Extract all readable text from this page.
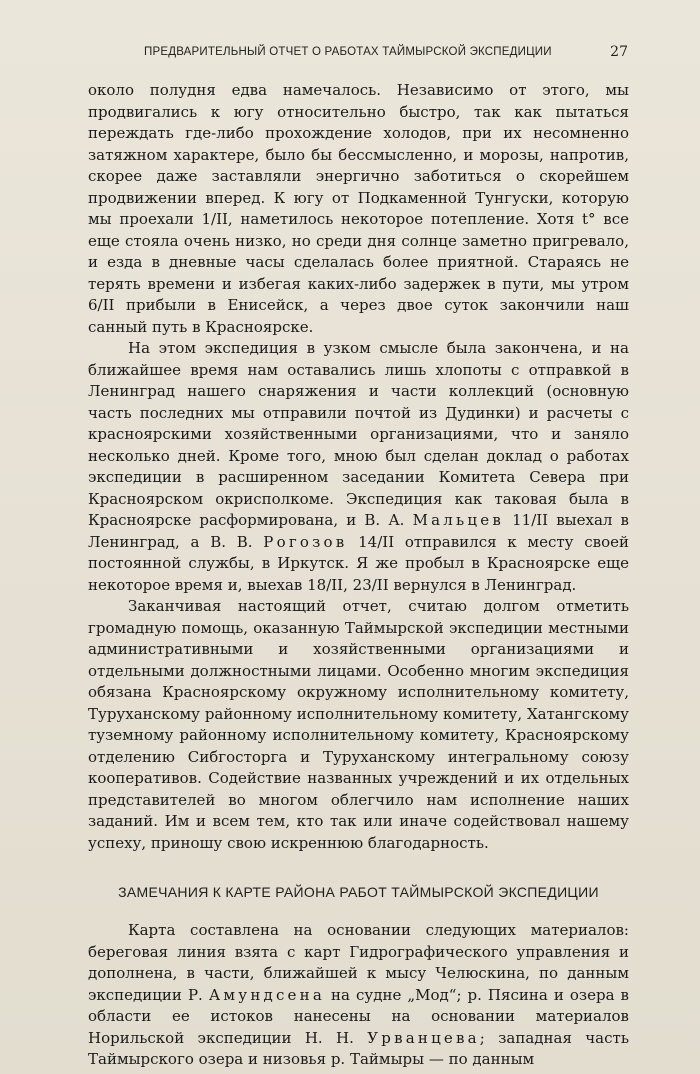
ПРЕДВАРИТЕЛЬНЫЙ ОТЧЕТ О РАБОТАХ ТАЙМЫРСКОЙ ЭКСПЕДИЦИИ	27

около полудня едва намечалось. Независимо от этого, мы продвигались к югу относительно быстро, так как пытаться переждать где-либо прохождение холодов, при их несомненно затяжном характере, было бы бессмысленно, и морозы, напротив, скорее даже заставляли энергично заботиться о скорейшем продвижении вперед. К югу от Подкаменной Тунгуски, которую мы проехали 1/II, наметилось некоторое потепление. Хотя t° все еще стояла очень низко, но среди дня солнце заметно пригревало, и езда в дневные часы сделалась более приятной. Стараясь не терять времени и избегая каких-либо задержек в пути, мы утром 6/II прибыли в Енисейск, а через двое суток закончили наш санный путь в Красноярске.

На этом экспедиция в узком смысле была закончена, и на ближайшее время нам оставались лишь хлопоты с отправкой в Ленинград нашего снаряжения и части коллекций (основную часть последних мы отправили почтой из Дудинки) и расчеты с красноярскими хозяйственными организациями, что и заняло несколько дней. Кроме того, мною был сделан доклад о работах экспедиции в расширенном заседании Комитета Севера при Красноярском окрисполкоме. Экспедиция как таковая была в Красноярске расформирована, и В. А. Мальцев 11/II выехал в Ленинград, а В. В. Рогозов 14/II отправился к месту своей постоянной службы, в Иркутск. Я же пробыл в Красноярске еще некоторое время и, выехав 18/II, 23/II вернулся в Ленинград.

Заканчивая настоящий отчет, считаю долгом отметить громадную помощь, оказанную Таймырской экспедиции местными административными и хозяйственными организациями и отдельными должностными лицами. Особенно многим экспедиция обязана Красноярскому окружному исполнительному комитету, Туруханскому районному исполнительному комитету, Хатангскому туземному районному исполнительному комитету, Красноярскому отделению Сибгосторга и Туруханскому интегральному союзу кооперативов. Содействие названных учреждений и их отдельных представителей во многом облегчило нам исполнение наших заданий. Им и всем тем, кто так или иначе содействовал нашему успеху, приношу свою искреннюю благодарность.

ЗАМЕЧАНИЯ К КАРТЕ РАЙОНА РАБОТ ТАЙМЫРСКОЙ ЭКСПЕДИЦИИ

Карта составлена на основании следующих материалов: береговая линия взята с карт Гидрографического управления и дополнена, в части, ближайшей к мысу Челюскина, по данным экспедиции Р. Амундсена на судне „Мод“; р. Пясина и озера в области ее истоков нанесены на основании материалов Норильской экспедиции Н. Н. Урванцева; западная часть Таймырского озера и низовья р. Таймыры — по данным
